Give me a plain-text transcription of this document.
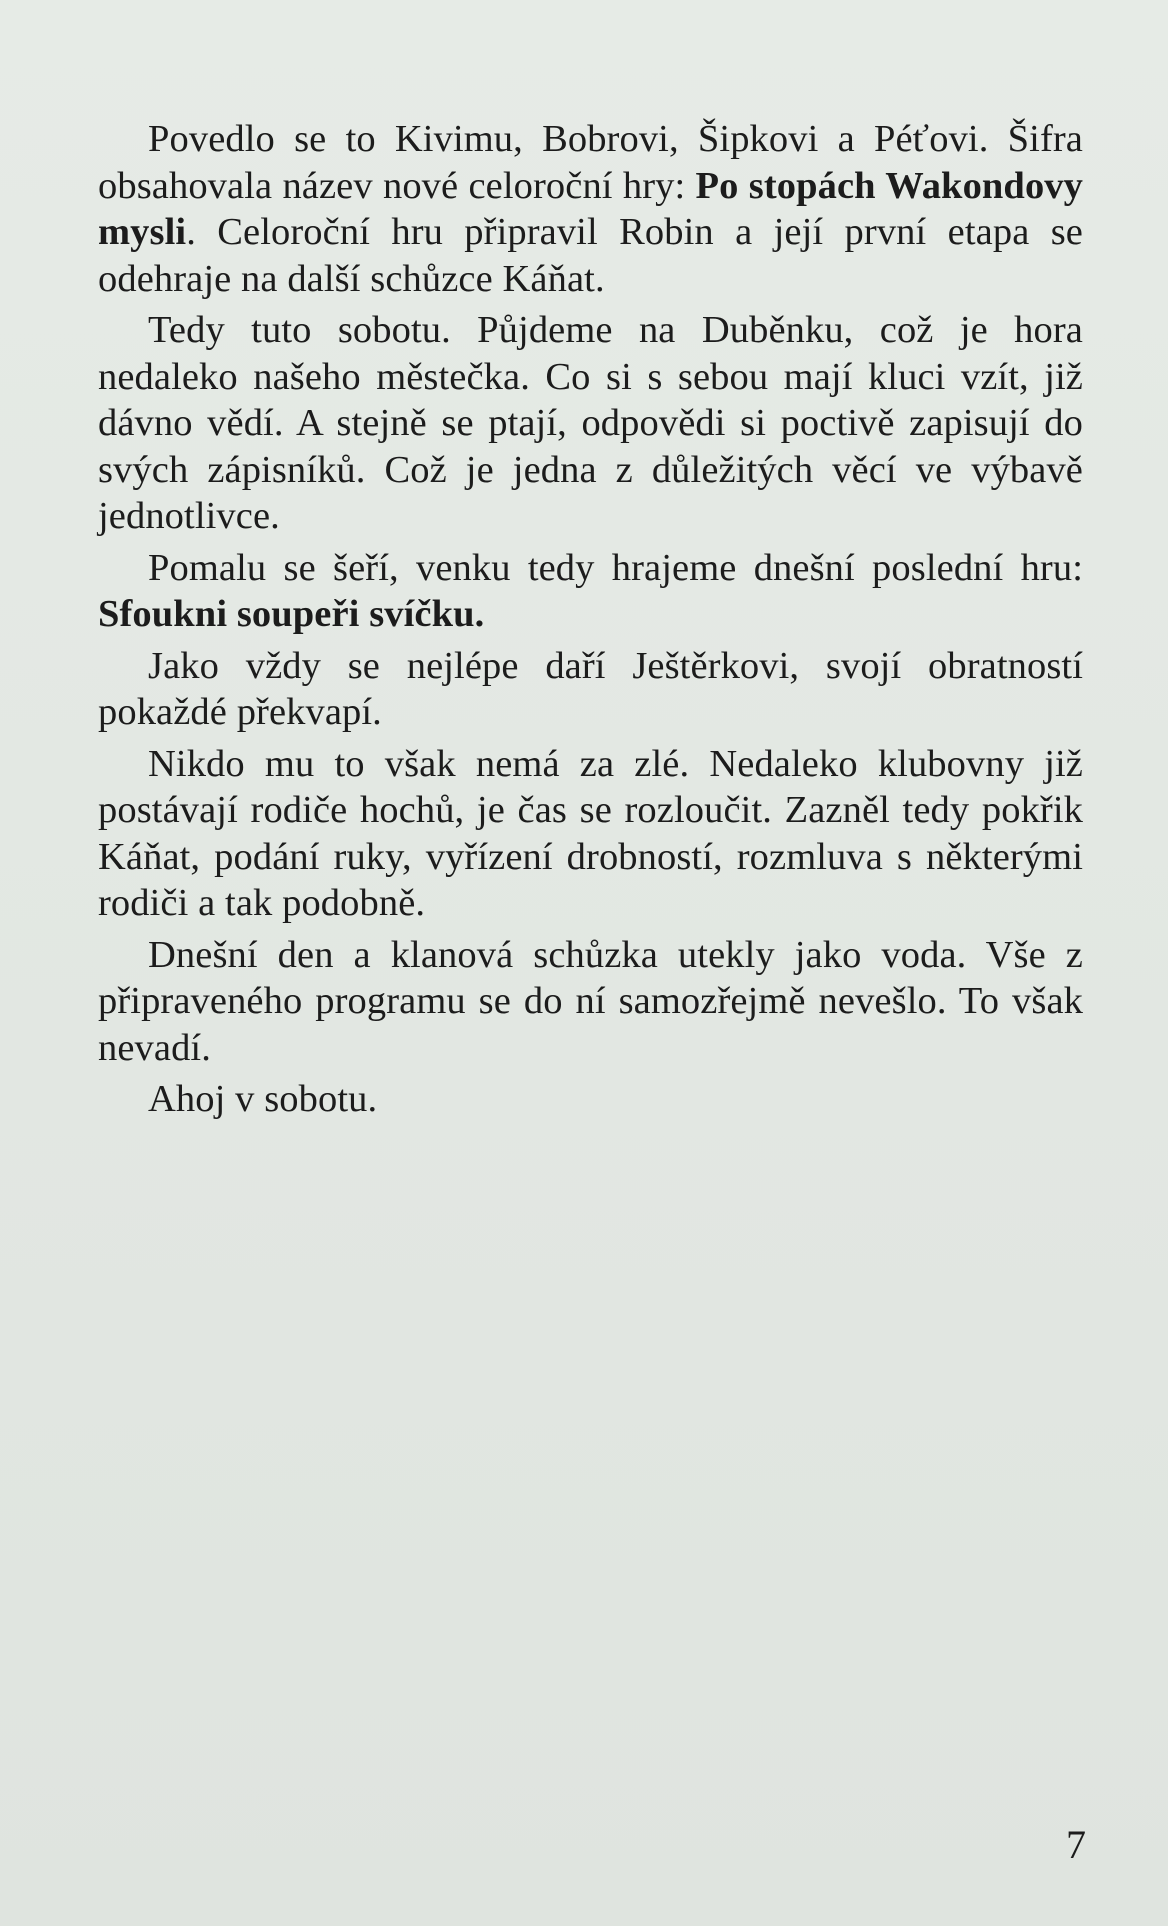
Povedlo se to Kivimu, Bobrovi, Šipkovi a Péťovi. Šifra obsahovala název nové celoroční hry: Po stopách Wakondovy mysli. Celoroční hru připravil Robin a její první etapa se odehraje na další schůzce Káňat.

Tedy tuto sobotu. Půjdeme na Duběnku, což je hora nedaleko našeho městečka. Co si s sebou mají kluci vzít, již dávno vědí. A stejně se ptají, odpovědi si poctivě zapisují do svých zápisníků. Což je jedna z důležitých věcí ve výbavě jednotlivce.

Pomalu se šeří, venku tedy hrajeme dnešní poslední hru: Sfoukni soupeři svíčku.

Jako vždy se nejlépe daří Ještěrkovi, svojí obratností pokaždé překvapí.

Nikdo mu to však nemá za zlé. Nedaleko klubovny již postávají rodiče hochů, je čas se rozloučit. Zazněl tedy pokřik Káňat, podání ruky, vyřízení drobností, rozmluva s některými rodiči a tak podobně.

Dnešní den a klanová schůzka utekly jako voda. Vše z připraveného programu se do ní samozřejmě nevešlo. To však nevadí.

Ahoj v sobotu.

7
